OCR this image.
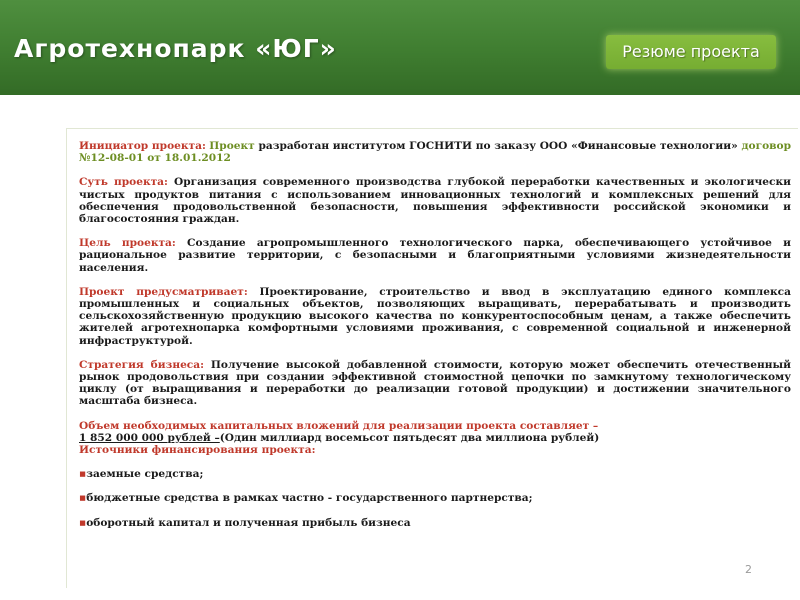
Агротехнопарк «ЮГ»	Резюме проекта

Инициатор проекта: Проект разработан институтом ГОСНИТИ по заказу ООО «Финансовые технологии» договор №12-08-01 от 18.01.2012

Суть проекта: Организация современного производства глубокой переработки качественных и экологически чистых продуктов питания с использованием инновационных технологий и комплексных решений для обеспечения продовольственной безопасности, повышения эффективности российской экономики и благосостояния граждан.

Цель проекта: Создание агропромышленного технологического парка, обеспечивающего устойчивое и рациональное развитие территории, с безопасными и благоприятными условиями жизнедеятельности населения.

Проект предусматривает: Проектирование, строительство и ввод в эксплуатацию единого комплекса промышленных и социальных объектов, позволяющих выращивать, перерабатывать и производить сельскохозяйственную продукцию высокого качества по конкурентоспособным ценам, а также обеспечить жителей агротехнопарка комфортными условиями проживания, с современной социальной и инженерной инфраструктурой.

Стратегия бизнеса: Получение высокой добавленной стоимости, которую может обеспечить отечественный рынок продовольствия при создании эффективной стоимостной цепочки по замкнутому технологическому циклу (от выращивания и переработки до реализации готовой продукции) и достижении значительного масштаба бизнеса.

Объем необходимых капитальных вложений для реализации проекта составляет –
1 852 000 000 рублей –(Один миллиард восемьсот пятьдесят два миллиона рублей)
Источники финансирования проекта:

▪заемные средства;
▪бюджетные средства в рамках частно - государственного партнерства;
▪оборотный капитал и полученная прибыль бизнеса
2
